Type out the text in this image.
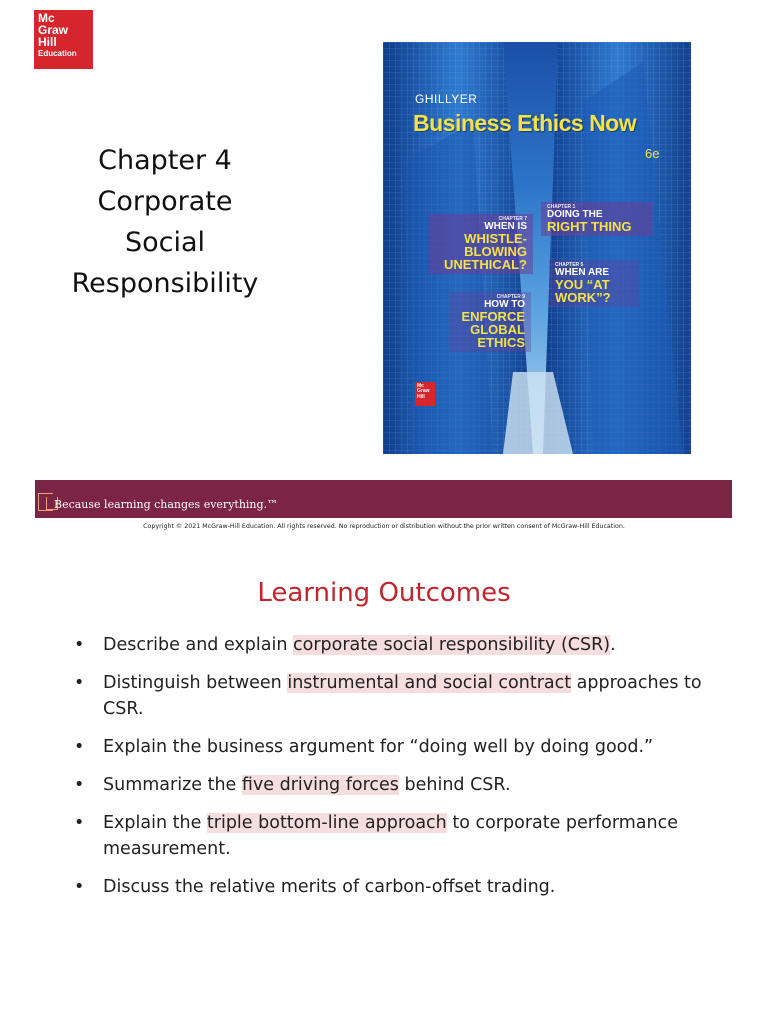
Mc
Graw
Hill
Education
Chapter 4
Corporate
Social
Responsibility
GHILLYER
Business Ethics Now
6e
CHAPTER 7
WHEN IS
WHISTLE-
BLOWING
UNETHICAL?
CHAPTER 1
DOING THE
RIGHT THING
CHAPTER 5
WHEN ARE
YOU “AT
WORK”?
CHAPTER 9
HOW TO
ENFORCE
GLOBAL
ETHICS
Mc
Graw
Hill
Because learning changes everything.™
Copyright © 2021 McGraw-Hill Education. All rights reserved. No reproduction or distribution without the prior written consent of McGraw-Hill Education.
Learning Outcomes
• Describe and explain corporate social responsibility (CSR).
• Distinguish between instrumental and social contract approaches to CSR.
• Explain the business argument for “doing well by doing good.”
• Summarize the five driving forces behind CSR.
• Explain the triple bottom-line approach to corporate performance measurement.
• Discuss the relative merits of carbon-offset trading.
